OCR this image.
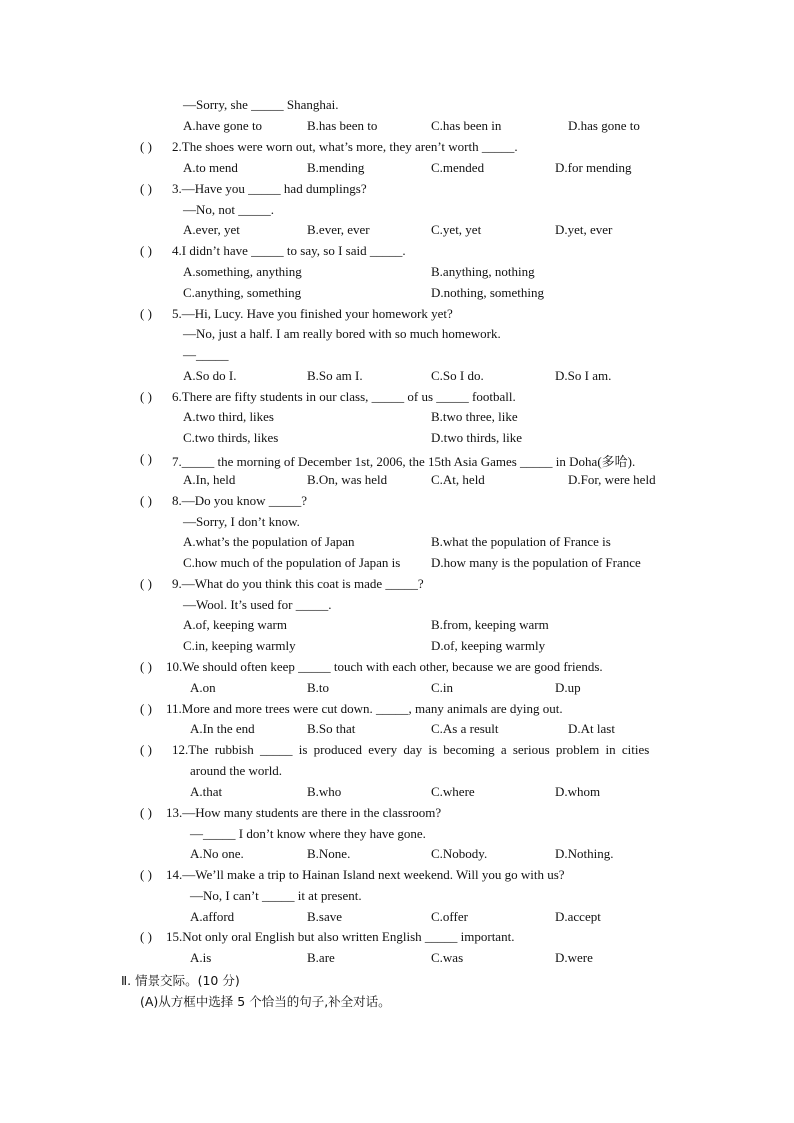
—Sorry, she _____ Shanghai.
A.have gone to	B.has been to	C.has been in	D.has gone to
( ) 2.The shoes were worn out, what’s more, they aren’t worth _____.
A.to mend	B.mending	C.mended	D.for mending
( ) 3.—Have you _____ had dumplings?
—No, not _____.
A.ever, yet	B.ever, ever	C.yet, yet	D.yet, ever
( ) 4.I didn’t have _____ to say, so I said _____.
A.something, anything	B.anything, nothing
C.anything, something	D.nothing, something
( ) 5.—Hi, Lucy. Have you finished your homework yet?
—No, just a half. I am really bored with so much homework.
—_____
A.So do I.	B.So am I.	C.So I do.	D.So I am.
( ) 6.There are fifty students in our class, _____ of us _____ football.
A.two third, likes	B.two three, like
C.two thirds, likes	D.two thirds, like
( ) 7._____ the morning of December 1st, 2006, the 15th Asia Games _____ in Doha(多哈).
A.In, held	B.On, was held	C.At, held	D.For, were held
( ) 8.—Do you know _____?
—Sorry, I don’t know.
A.what’s the population of Japan	B.what the population of France is
C.how much of the population of Japan is D.how many is the population of France
( ) 9.—What do you think this coat is made _____?
—Wool. It’s used for _____.
A.of, keeping warm	B.from, keeping warm
C.in, keeping warmly	D.of, keeping warmly
( ) 10.We should often keep _____ touch with each other, because we are good friends.
A.on	B.to	C.in	D.up
( ) 11.More and more trees were cut down. _____, many animals are dying out.
A.In the end	B.So that	C.As a result	D.At last
( ) 12.The rubbish _____ is produced every day is becoming a serious problem in cities
around the world.
A.that	B.who	C.where	D.whom
( ) 13.—How many students are there in the classroom?
—_____ I don’t know where they have gone.
A.No one.	B.None.	C.Nobody.	D.Nothing.
( ) 14.—We’ll make a trip to Hainan Island next weekend. Will you go with us?
—No, I can’t _____ it at present.
A.afford	B.save	C.offer	D.accept
( ) 15.Not only oral English but also written English _____ important.
A.is	B.are	C.was	D.were
Ⅱ. 情景交际。(10 分)
(A)从方框中选择 5 个恰当的句子,补全对话。
